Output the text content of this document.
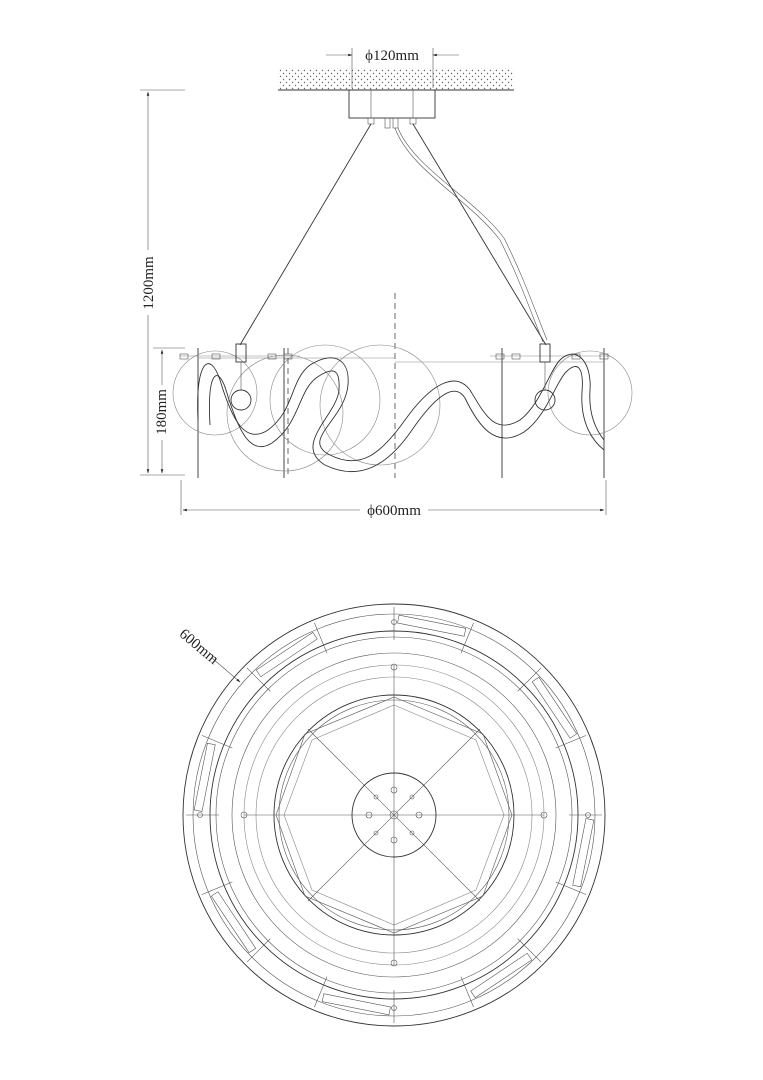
ϕ120mm
1200mm
180mm
ϕ600mm
600mm
